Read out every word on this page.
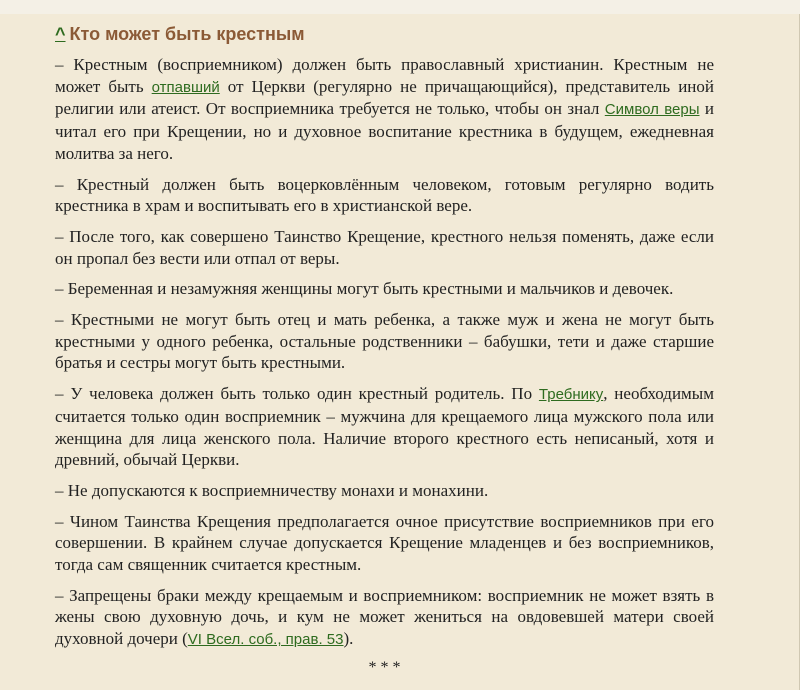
^ Кто может быть крестным

– Крестным (восприемником) должен быть православный христианин. Крестным не может быть отпавший от Церкви (регулярно не причащающийся), представитель иной религии или атеист. От восприемника требуется не только, чтобы он знал Символ веры и читал его при Крещении, но и духовное воспитание крестника в будущем, ежедневная молитва за него.

– Крестный должен быть воцерковлённым человеком, готовым регулярно водить крестника в храм и воспитывать его в христианской вере.

– После того, как совершено Таинство Крещение, крестного нельзя поменять, даже если он пропал без вести или отпал от веры.

– Беременная и незамужняя женщины могут быть крестными и мальчиков и девочек.

– Крестными не могут быть отец и мать ребенка, а также муж и жена не могут быть крестными у одного ребенка, остальные родственники – бабушки, тети и даже старшие братья и сестры могут быть крестными.

– У человека должен быть только один крестный родитель. По Требнику, необходимым считается только один восприемник – мужчина для крещаемого лица мужского пола или женщина для лица женского пола. Наличие второго крестного есть неписаный, хотя и древний, обычай Церкви.

– Не допускаются к восприемничеству монахи и монахини.

– Чином Таинства Крещения предполагается очное присутствие восприемников при его совершении. В крайнем случае допускается Крещение младенцев и без восприемников, тогда сам священник считается крестным.

– Запрещены браки между крещаемым и восприемником: восприемник не может взять в жены свою духовную дочь, и кум не может жениться на овдовевшей матери своей духовной дочери (VI Всел. соб., прав. 53).

* * *
